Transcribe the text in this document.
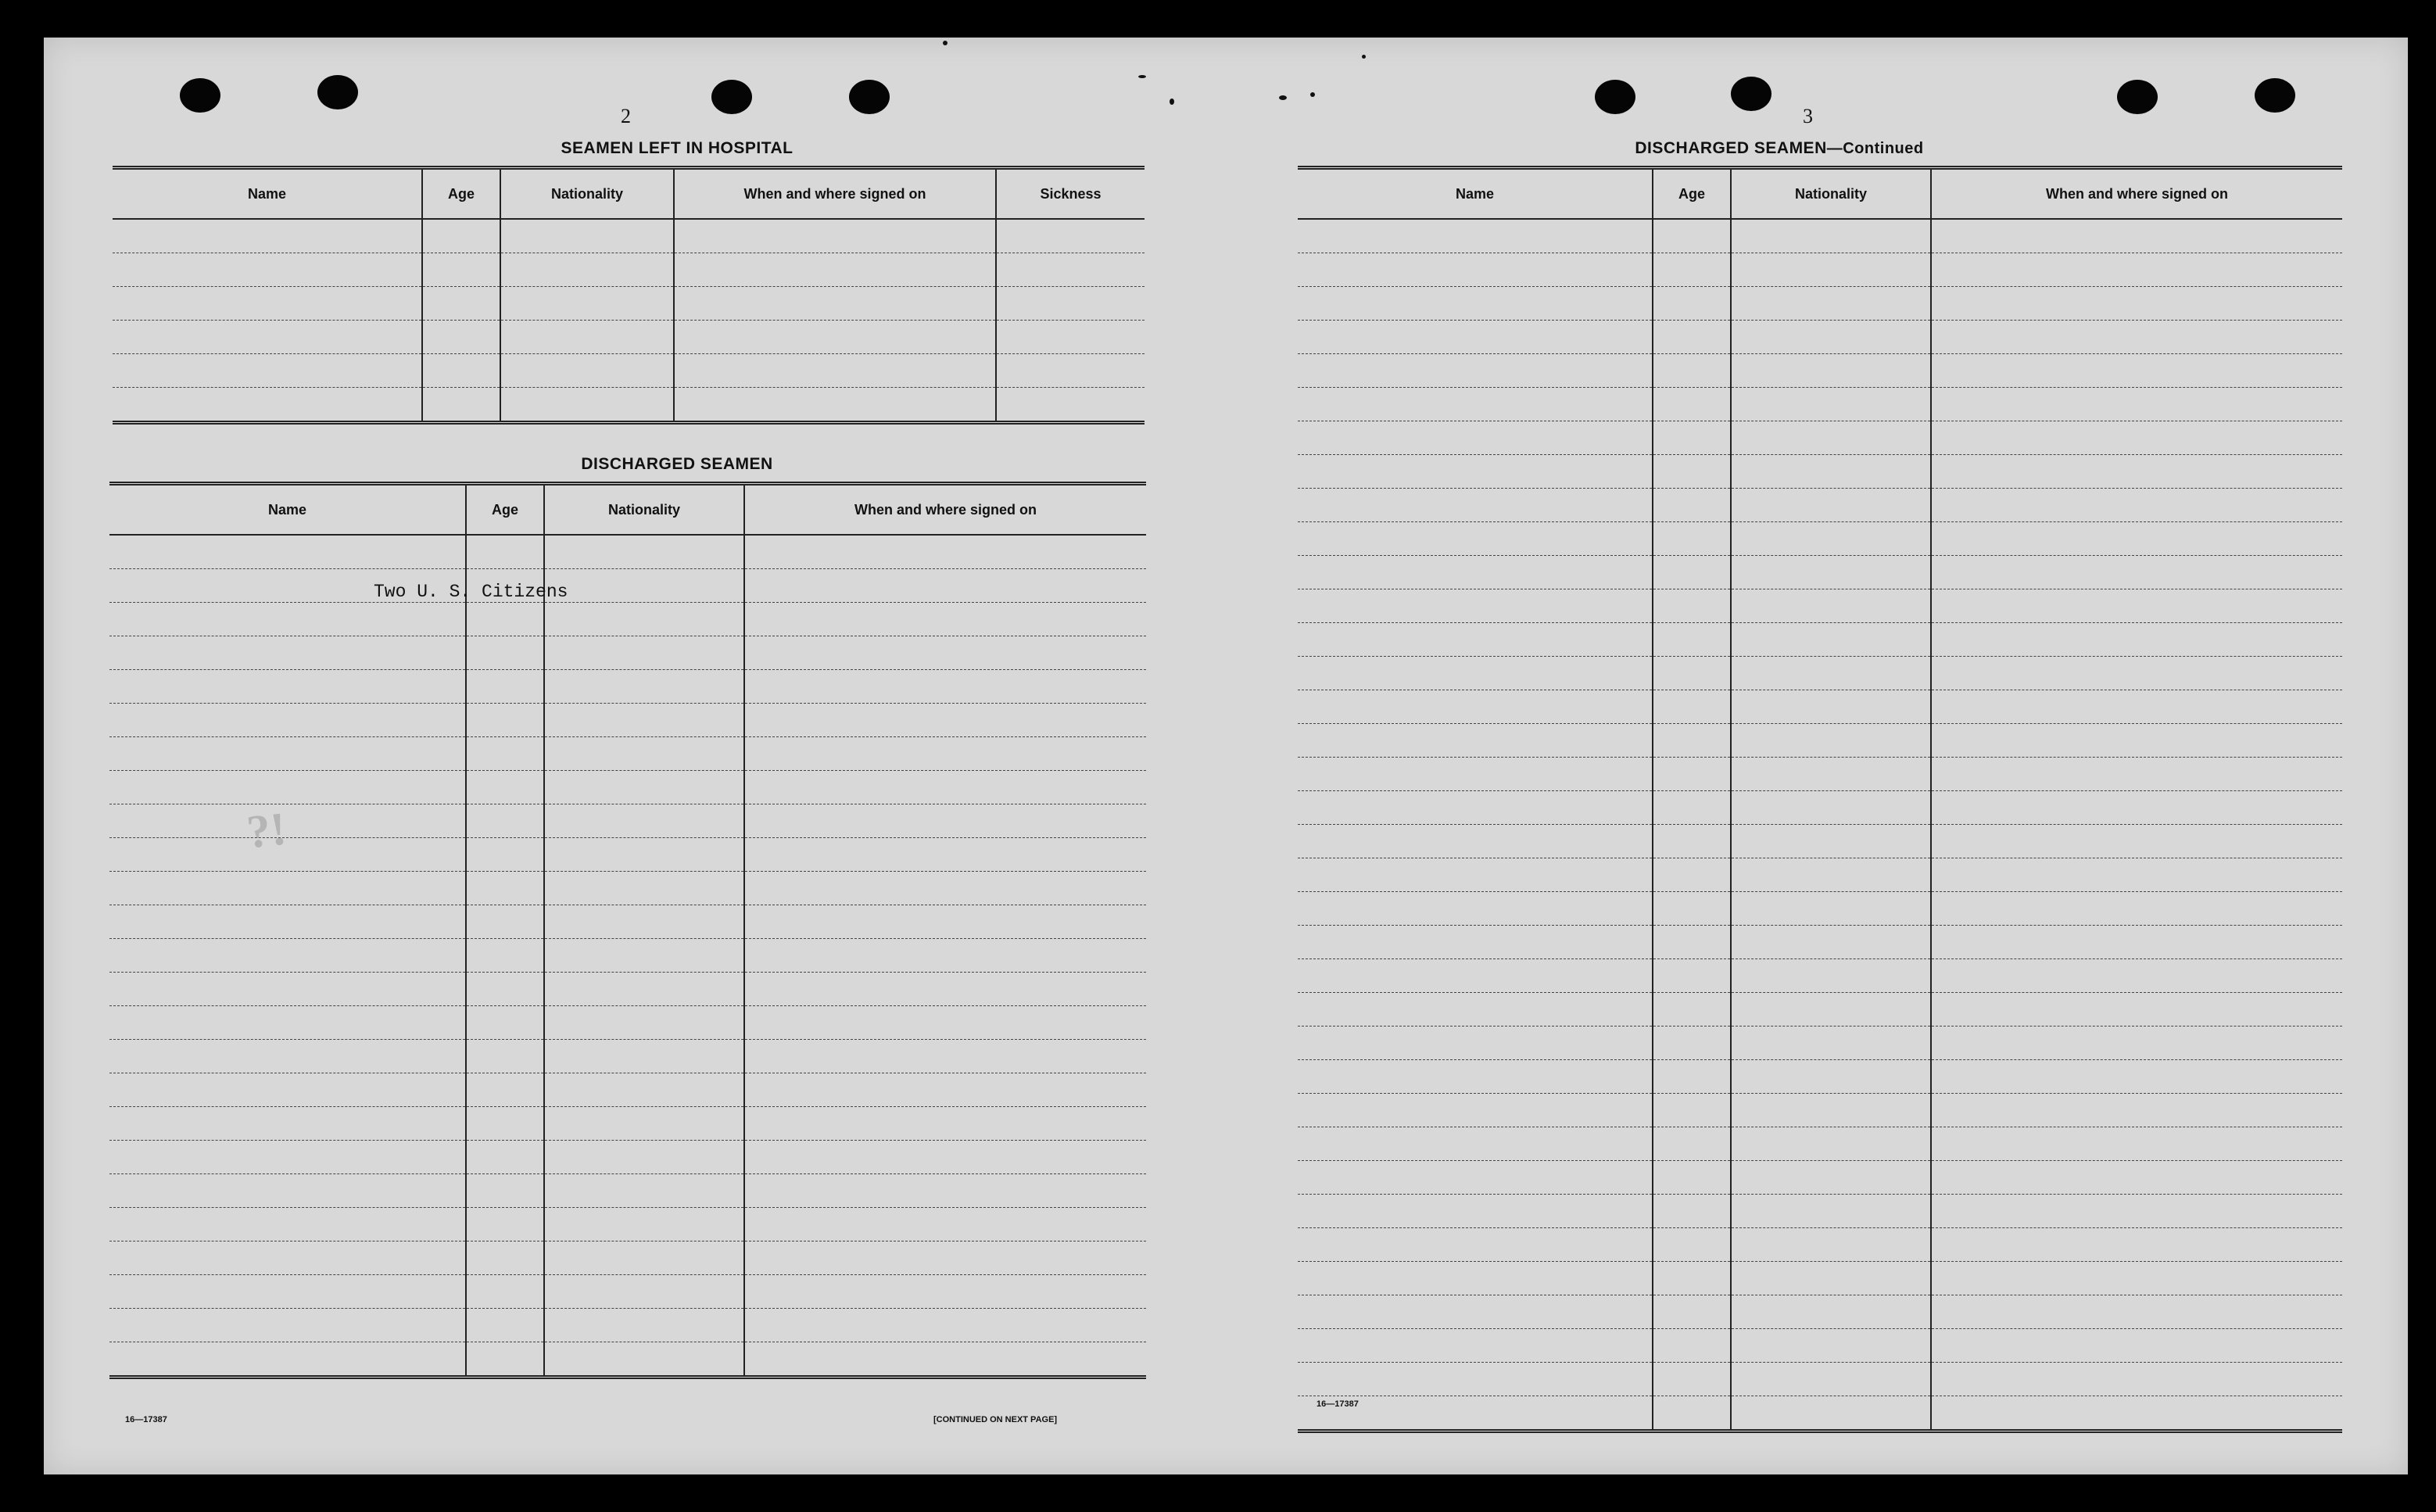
?!
2
SEAMEN LEFT IN HOSPITAL
Name	Age	Nationality	When and where signed on	Sickness

DISCHARGED SEAMEN
Name	Age	Nationality	When and where signed on

Two U. S. Citizens
16—17387	[CONTINUED ON NEXT PAGE]
3
DISCHARGED SEAMEN—Continued
Name	Age	Nationality	When and where signed on

16—17387
